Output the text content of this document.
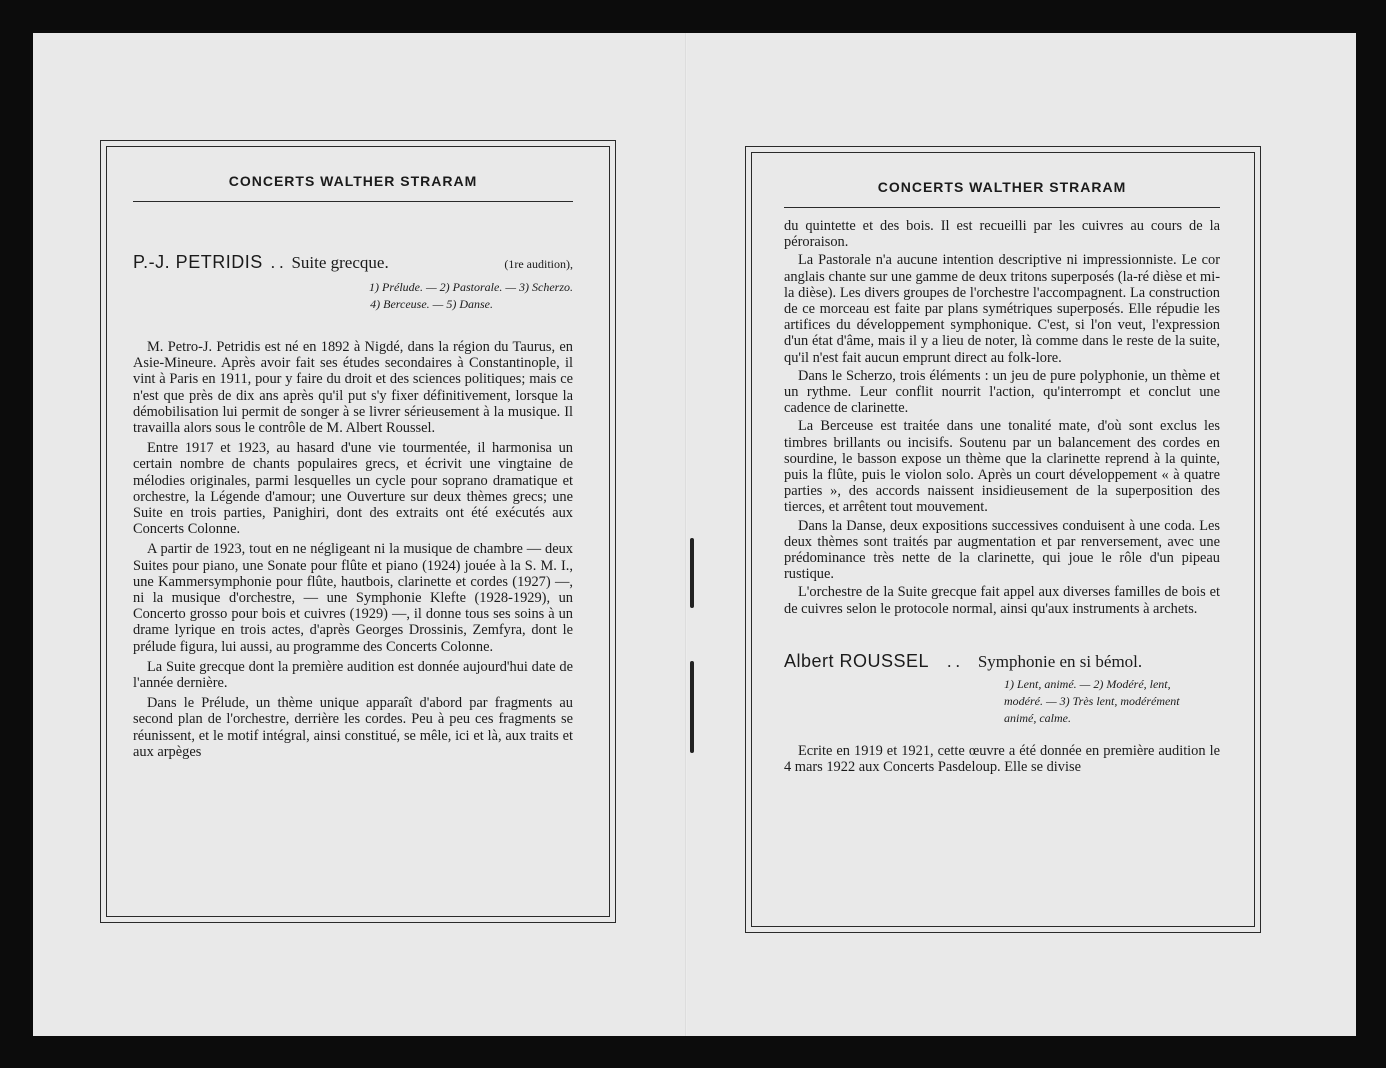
CONCERTS WALTHER STRARAM
P.-J. PETRIDIS . . Suite grecque.	(1re audition),
1) Prélude. — 2) Pastorale. — 3) Scherzo.
4) Berceuse. — 5) Danse.

M. Petro-J. Petridis est né en 1892 à Nigdé, dans la région du Taurus, en Asie-Mineure. Après avoir fait ses études secondaires à Constantinople, il vint à Paris en 1911, pour y faire du droit et des sciences politiques; mais ce n'est que près de dix ans après qu'il put s'y fixer définitivement, lorsque la démobilisation lui permit de songer à se livrer sérieusement à la musique. Il travailla alors sous le contrôle de M. Albert Roussel.

Entre 1917 et 1923, au hasard d'une vie tourmentée, il harmonisa un certain nombre de chants populaires grecs, et écrivit une vingtaine de mélodies originales, parmi lesquelles un cycle pour soprano dramatique et orchestre, la Légende d'amour; une Ouverture sur deux thèmes grecs; une Suite en trois parties, Panighiri, dont des extraits ont été exécutés aux Concerts Colonne.

A partir de 1923, tout en ne négligeant ni la musique de chambre — deux Suites pour piano, une Sonate pour flûte et piano (1924) jouée à la S. M. I., une Kammersymphonie pour flûte, hautbois, clarinette et cordes (1927) —, ni la musique d'orchestre, — une Symphonie Klefte (1928-1929), un Concerto grosso pour bois et cuivres (1929) —, il donne tous ses soins à un drame lyrique en trois actes, d'après Georges Drossinis, Zemfyra, dont le prélude figura, lui aussi, au programme des Concerts Colonne.

La Suite grecque dont la première audition est donnée aujourd'hui date de l'année dernière.

Dans le Prélude, un thème unique apparaît d'abord par fragments au second plan de l'orchestre, derrière les cordes. Peu à peu ces fragments se réunissent, et le motif intégral, ainsi constitué, se mêle, ici et là, aux traits et aux arpèges

CONCERTS WALTHER STRARAM

du quintette et des bois. Il est recueilli par les cuivres au cours de la péroraison.

La Pastorale n'a aucune intention descriptive ni impressionniste. Le cor anglais chante sur une gamme de deux tritons superposés (la-ré dièse et mi-la dièse). Les divers groupes de l'orchestre l'accompagnent. La construction de ce morceau est faite par plans symétriques superposés. Elle répudie les artifices du développement symphonique. C'est, si l'on veut, l'expression d'un état d'âme, mais il y a lieu de noter, là comme dans le reste de la suite, qu'il n'est fait aucun emprunt direct au folk-lore.

Dans le Scherzo, trois éléments : un jeu de pure polyphonie, un thème et un rythme. Leur conflit nourrit l'action, qu'interrompt et conclut une cadence de clarinette.

La Berceuse est traitée dans une tonalité mate, d'où sont exclus les timbres brillants ou incisifs. Soutenu par un balancement des cordes en sourdine, le basson expose un thème que la clarinette reprend à la quinte, puis la flûte, puis le violon solo. Après un court développement « à quatre parties », des accords naissent insidieusement de la superposition des tierces, et arrêtent tout mouvement.

Dans la Danse, deux expositions successives conduisent à une coda. Les deux thèmes sont traités par augmentation et par renversement, avec une prédominance très nette de la clarinette, qui joue le rôle d'un pipeau rustique.

L'orchestre de la Suite grecque fait appel aux diverses familles de bois et de cuivres selon le protocole normal, ainsi qu'aux instruments à archets.

Albert ROUSSEL . . Symphonie en si bémol.
1) Lent, animé. — 2) Modéré, lent,
modéré. — 3) Très lent, modérément
animé, calme.

Ecrite en 1919 et 1921, cette œuvre a été donnée en première audition le 4 mars 1922 aux Concerts Pasdeloup. Elle se divise
